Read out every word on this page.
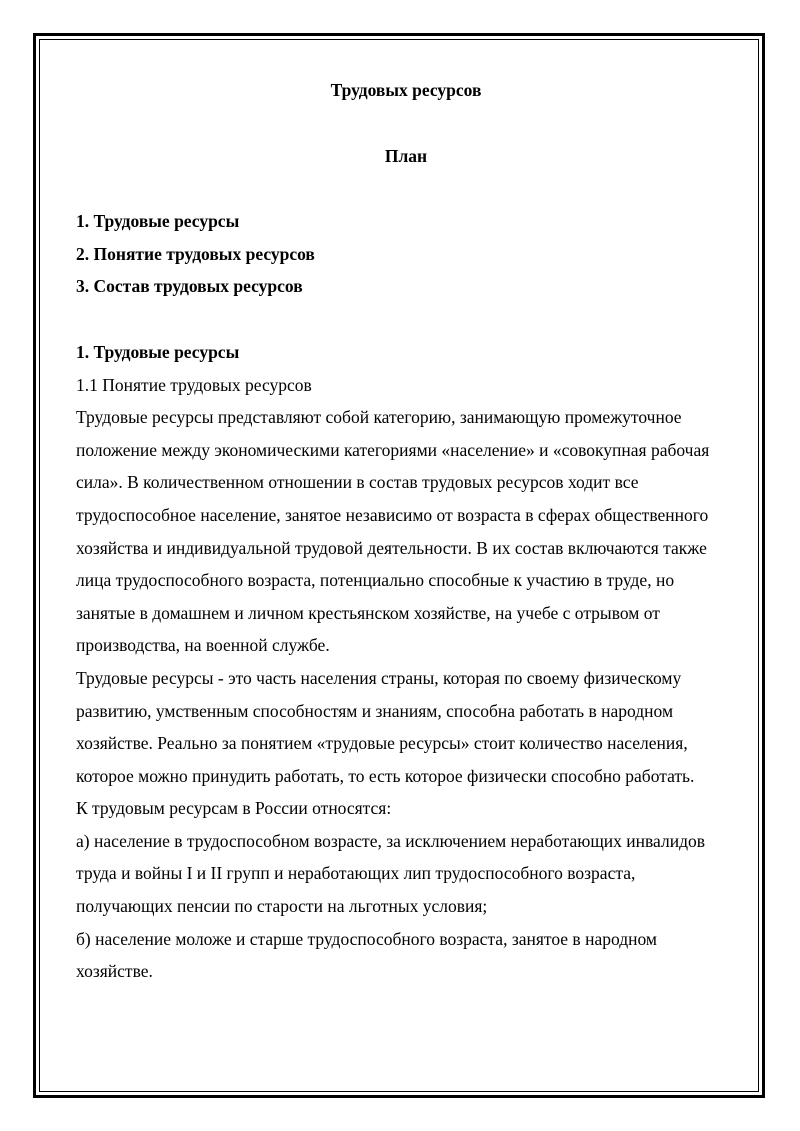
Трудовых ресурсов

План

1. Трудовые ресурсы
2. Понятие трудовых ресурсов
3. Состав трудовых ресурсов

1. Трудовые ресурсы

1.1 Понятие трудовых ресурсов

Трудовые ресурсы представляют собой категорию, занимающую промежуточное положение между экономическими категориями «население» и «совокупная рабочая сила». В количественном отношении в состав трудовых ресурсов ходит все трудоспособное население, занятое независимо от возраста в сферах общественного хозяйства и индивидуальной трудовой деятельности. В их состав включаются также лица трудоспособного возраста, потенциально способные к участию в труде, но занятые в домашнем и личном крестьянском хозяйстве, на учебе с отрывом от производства, на военной службе.

Трудовые ресурсы - это часть населения страны, которая по своему физическому развитию, умственным способностям и знаниям, способна работать в народном хозяйстве. Реально за понятием «трудовые ресурсы» стоит количество населения, которое можно принудить работать, то есть которое физически способно работать.

К трудовым ресурсам в России относятся:

а) население в трудоспособном возрасте, за исключением неработающих инвалидов труда и войны I и II групп и неработающих лип трудоспособного возраста, получающих пенсии по старости на льготных условия;

б) население моложе и старше трудоспособного возраста, занятое в народном хозяйстве.
